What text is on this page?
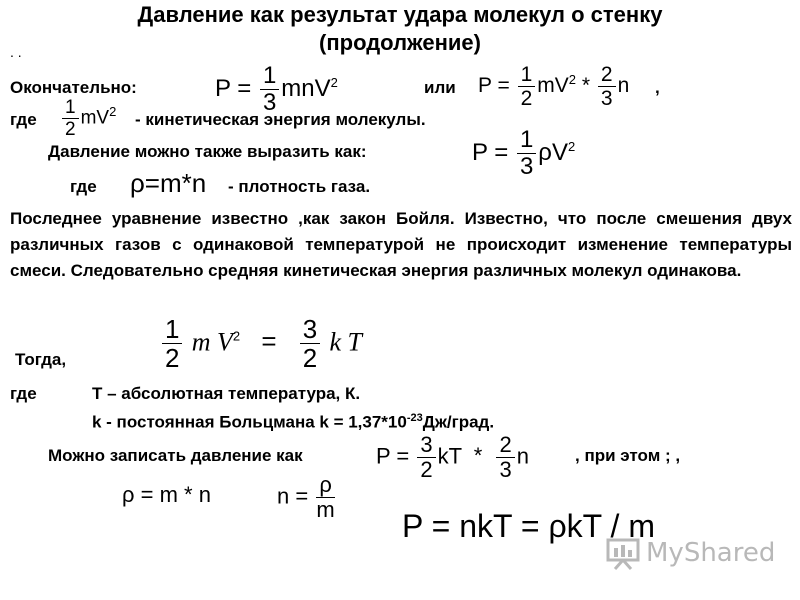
Давление как результат удара молекул о стенку
(продолжение)
. .
Окончательно:	$P = \frac{1}{3} mnV^2$	или $P = \frac{1}{2} mV^2 * \frac{2}{3}$ n ,
где $\frac{1}{2} mV^2$ - кинетическая энергия молекулы.
Давление можно также выразить как:	$P = \frac{1}{3} \rho V^2$
где ρ=m*n - плотность газа.
Последнее уравнение известно ,как закон Бойля. Известно, что после смешения двух различных газов с одинаковой температурой не происходит изменение температуры смеси. Следовательно средняя кинетическая энергия различных молекул одинакова.
$\frac{1}{2}$ m $V^2 = \frac{3}{2}$ k T
Тогда,
где	T – абсолютная температура, К.
k - постоянная Больцмана $k = 1,37*10^{-23}Дж$/град.
Можно записать давление как	$P = \frac{3}{2}$ kT * $\frac{2}{3}$ n	, при этом ; ,
ρ = m * n	$n = \frac{\rho}{m}$
P = nkT = ρkT / m
MyShared
